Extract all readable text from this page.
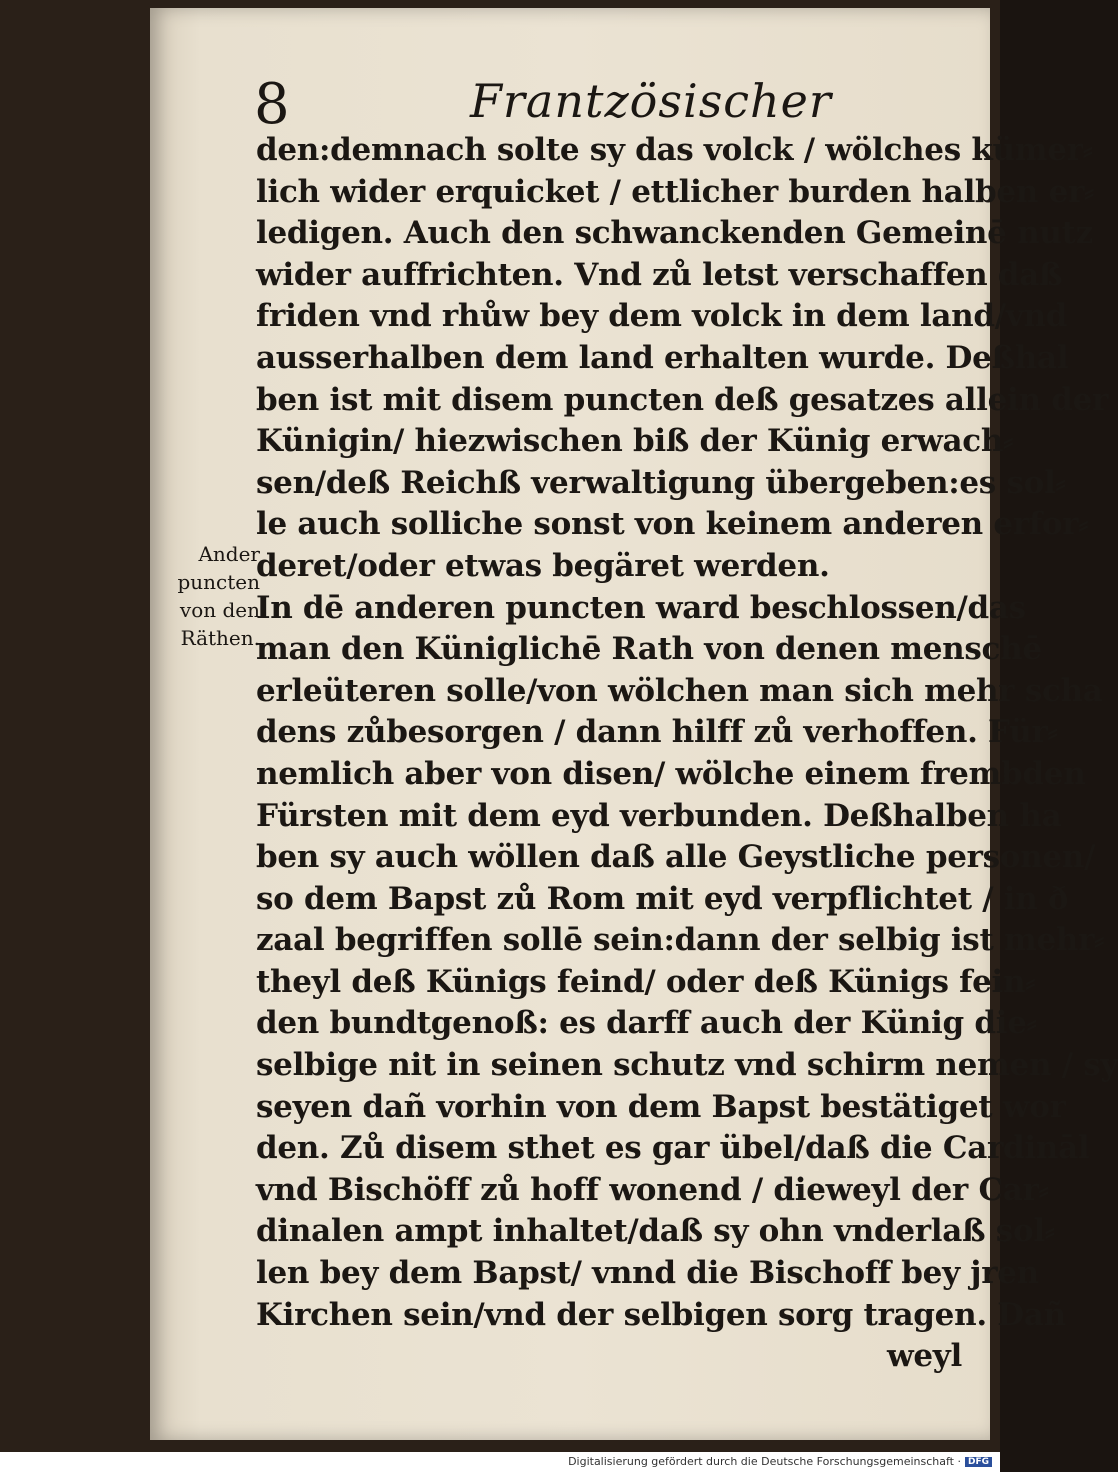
8	Frantzösischer
Ander
puncten
von den
Räthen.
den:demnach solte sy das volck / wölches kümer⸗
lich wider erquicket / ettlicher burden halben er⸗
ledigen. Auch den schwanckenden Gemeinē nutz
wider auffrichten. Vnd zů letst verschaffen daß
friden vnd rhůw bey dem volck in dem land/vnd
ausserhalben dem land erhalten wurde. Deßhal
ben ist mit disem puncten deß gesatzes allein der
Künigin/ hiezwischen biß der Künig erwach⸗
sen/deß Reichß verwaltigung übergeben:es sol⸗
le auch solliche sonst von keinem anderen erfor⸗
deret/oder etwas begäret werden.
In dē anderen puncten ward beschlossen/das
man den Küniglichē Rath von denen menschē
erleüteren solle/von wölchen man sich mehr scha
dens zůbesorgen / dann hilff zů verhoffen. Für⸗
nemlich aber von disen/ wölche einem frembden
Fürsten mit dem eyd verbunden. Deßhalben ha
ben sy auch wöllen daß alle Geystliche personen/
so dem Bapst zů Rom mit eyd verpflichtet / in ð
zaal begriffen sollē sein:dann der selbig ist mehr⸗
theyl deß Künigs feind/ oder deß Künigs fein⸗
den bundtgenoß: es darff auch der Künig die⸗
selbige nit in seinen schutz vnd schirm nemen / sy
seyen dañ vorhin von dem Bapst bestätiget wor
den. Zů disem sthet es gar übel/daß die Cardināl
vnd Bischöff zů hoff wonend / dieweyl der Car⸗
dinalen ampt inhaltet/daß sy ohn vnderlaß sol⸗
len bey dem Bapst/ vnnd die Bischoff bey jren
Kirchen sein/vnd der selbigen sorg tragen. Dañ
weyl
Digitalisierung gefördert durch die Deutsche Forschungsgemeinschaft · DFG
